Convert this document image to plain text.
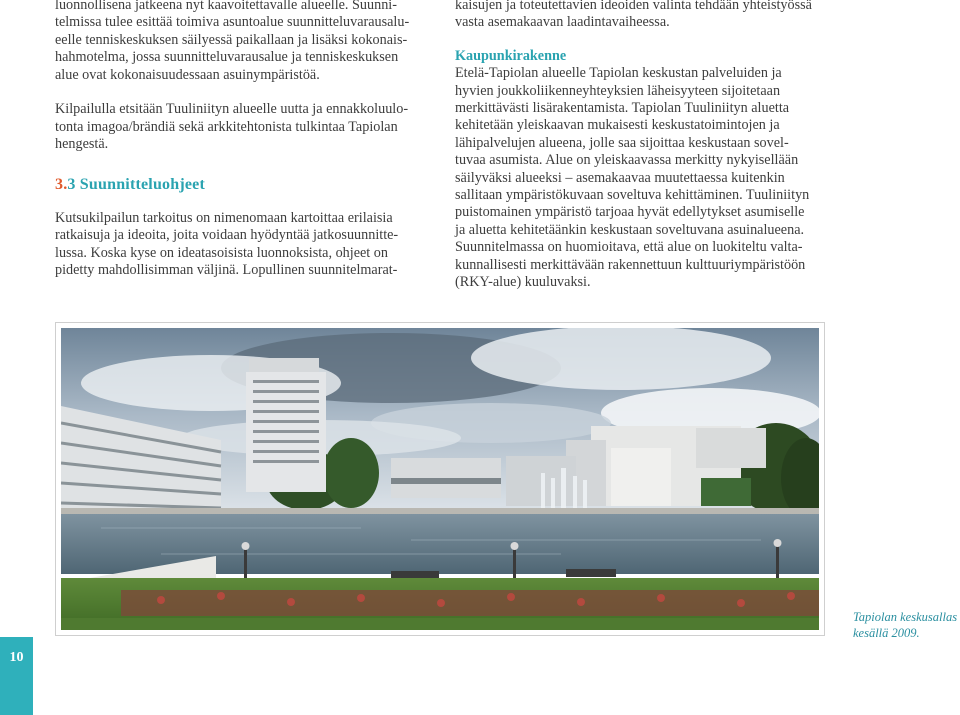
luonnollisena jatkeena nyt kaavoitettavalle alueelle. Suunni-

telmissa tulee esittää toimiva asuntoalue suunnitteluvarausalu-

eelle tenniskeskuksen säilyessä paikallaan ja lisäksi kokonais-

hahmotelma, jossa suunnitteluvarausalue ja tenniskeskuksen

alue ovat kokonaisuudessaan asuinympäristöä.

Kilpailulla etsitään Tuuliniityn alueelle uutta ja ennakkoluulo-

tonta imagoa/brändiä sekä arkkitehtonista tulkintaa Tapiolan

hengestä.

3.3 Suunnitteluohjeet

Kutsukilpailun tarkoitus on nimenomaan kartoittaa erilaisia

ratkaisuja ja ideoita, joita voidaan hyödyntää jatkosuunnitte-

lussa. Koska kyse on ideatasoisista luonnoksista, ohjeet on

pidetty mahdollisimman väljinä. Lopullinen suunnitelmarat-

kaisujen ja toteutettavien ideoiden valinta tehdään yhteistyössä

vasta asemakaavan laadintavaiheessa.

Kaupunkirakenne

Etelä-Tapiolan alueelle Tapiolan keskustan palveluiden ja

hyvien joukkoliikenneyhteyksien läheisyyteen sijoitetaan

merkittävästi lisärakentamista. Tapiolan Tuuliniityn aluetta

kehitetään yleiskaavan mukaisesti keskustatoimintojen ja

lähipalvelujen alueena, jolle saa sijoittaa keskustaan sovel-

tuvaa asumista. Alue on yleiskaavassa merkitty nykyisellään

säilyväksi alueeksi – asemakaavaa muutettaessa kuitenkin

sallitaan ympäristökuvaan soveltuva kehittäminen. Tuuliniityn

puistomainen ympäristö tarjoaa hyvät edellytykset asumiselle

ja aluetta kehitetäänkin keskustaan soveltuvana asuinalueena.

Suunnitelmassa on huomioitava, että alue on luokiteltu valta-

kunnallisesti merkittävään rakennettuun kulttuuriympäristöön

(RKY-alue) kuuluvaksi.

Tapiolan keskusallas
kesällä 2009.
10
